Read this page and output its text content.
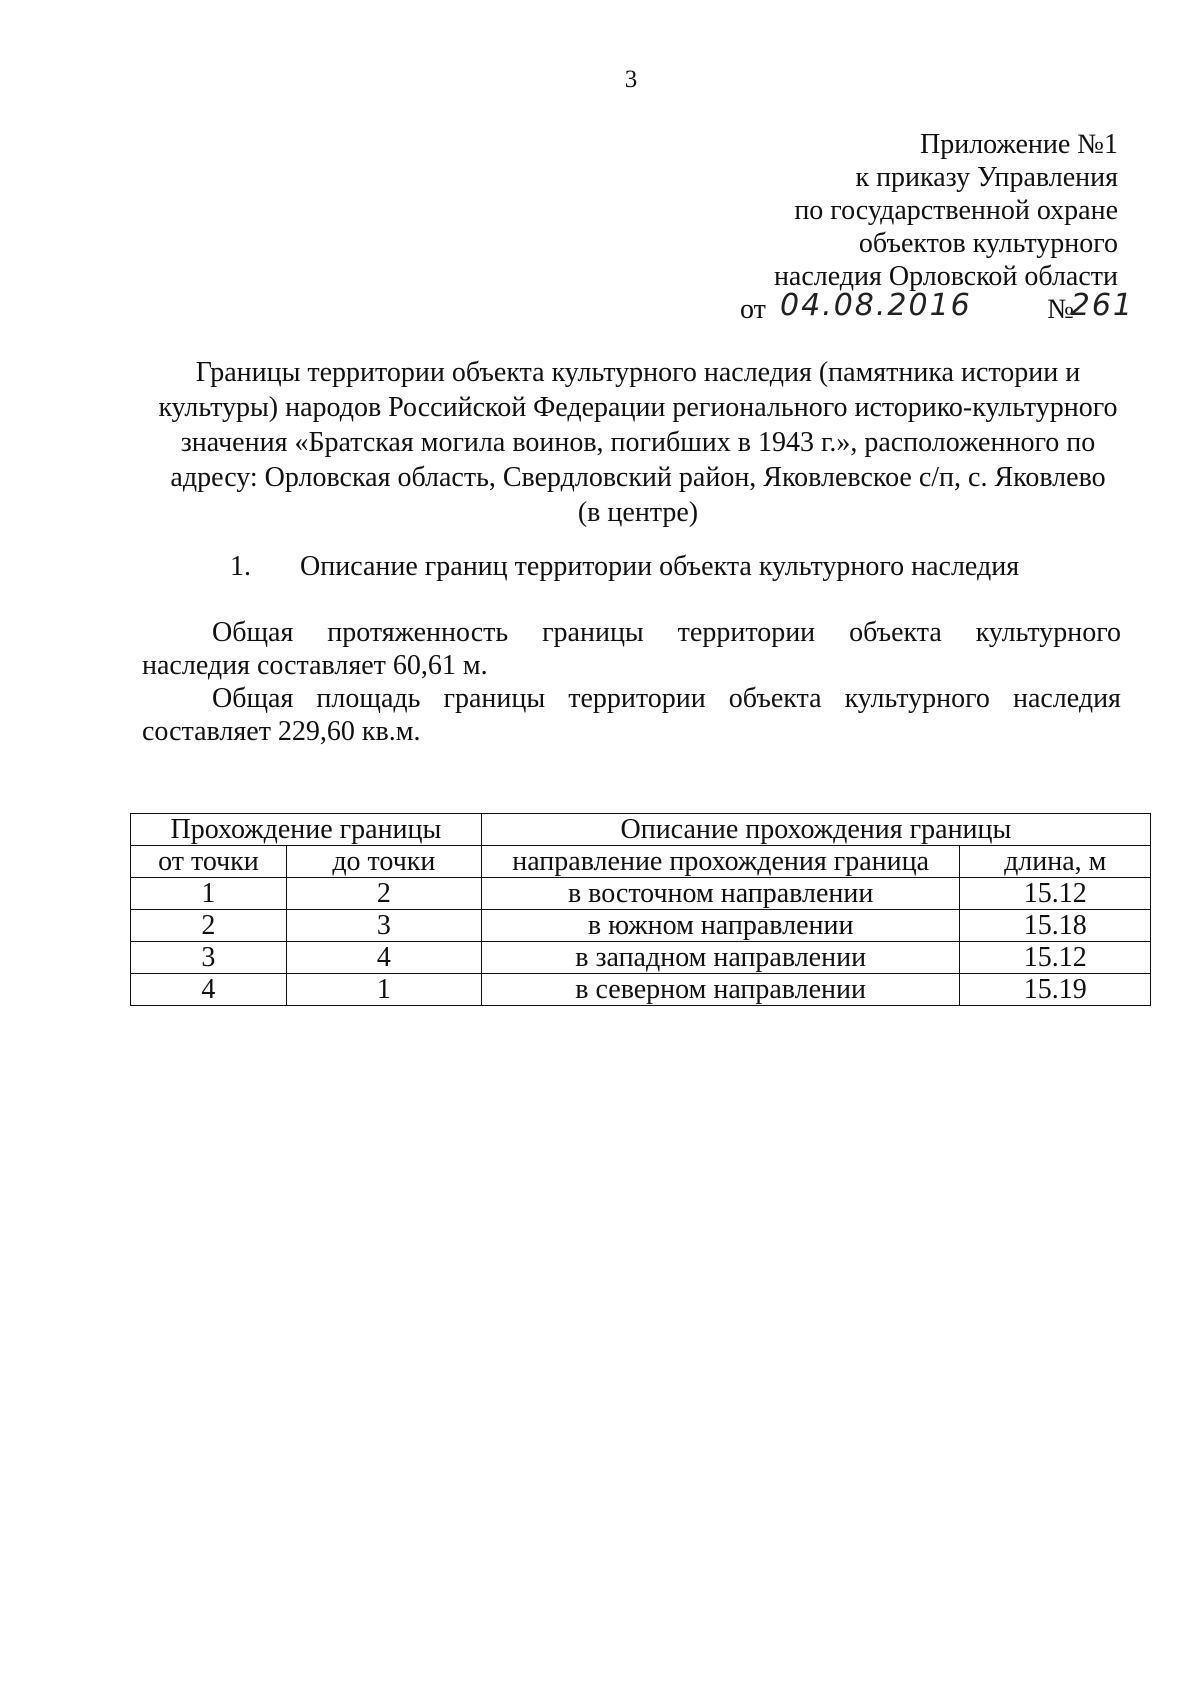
3
Приложение №1
к приказу Управления
по государственной охране
объектов культурного
наследия Орловской области
от 04.08.2016	№
261
Границы территории объекта культурного наследия (памятника истории и
культуры) народов Российской Федерации регионального историко-культурного
значения «Братская могила воинов, погибших в 1943 г.», расположенного по
адресу: Орловская область, Свердловский район, Яковлевское с/п, с. Яковлево
(в центре)
1. Описание границ территории объекта культурного наследия
Общая протяженность границы территории объекта культурного
наследия составляет 60,61 м.
Общая площадь границы территории объекта культурного наследия
составляет 229,60 кв.м.
Прохождение границы		Описание прохождения границы	
от точки	до точки	направление прохождения граница	длина, м
1	2	в восточном направлении	15.12
2	3	в южном направлении	15.18
3	4	в западном направлении	15.12
4	1	в северном направлении	15.19
